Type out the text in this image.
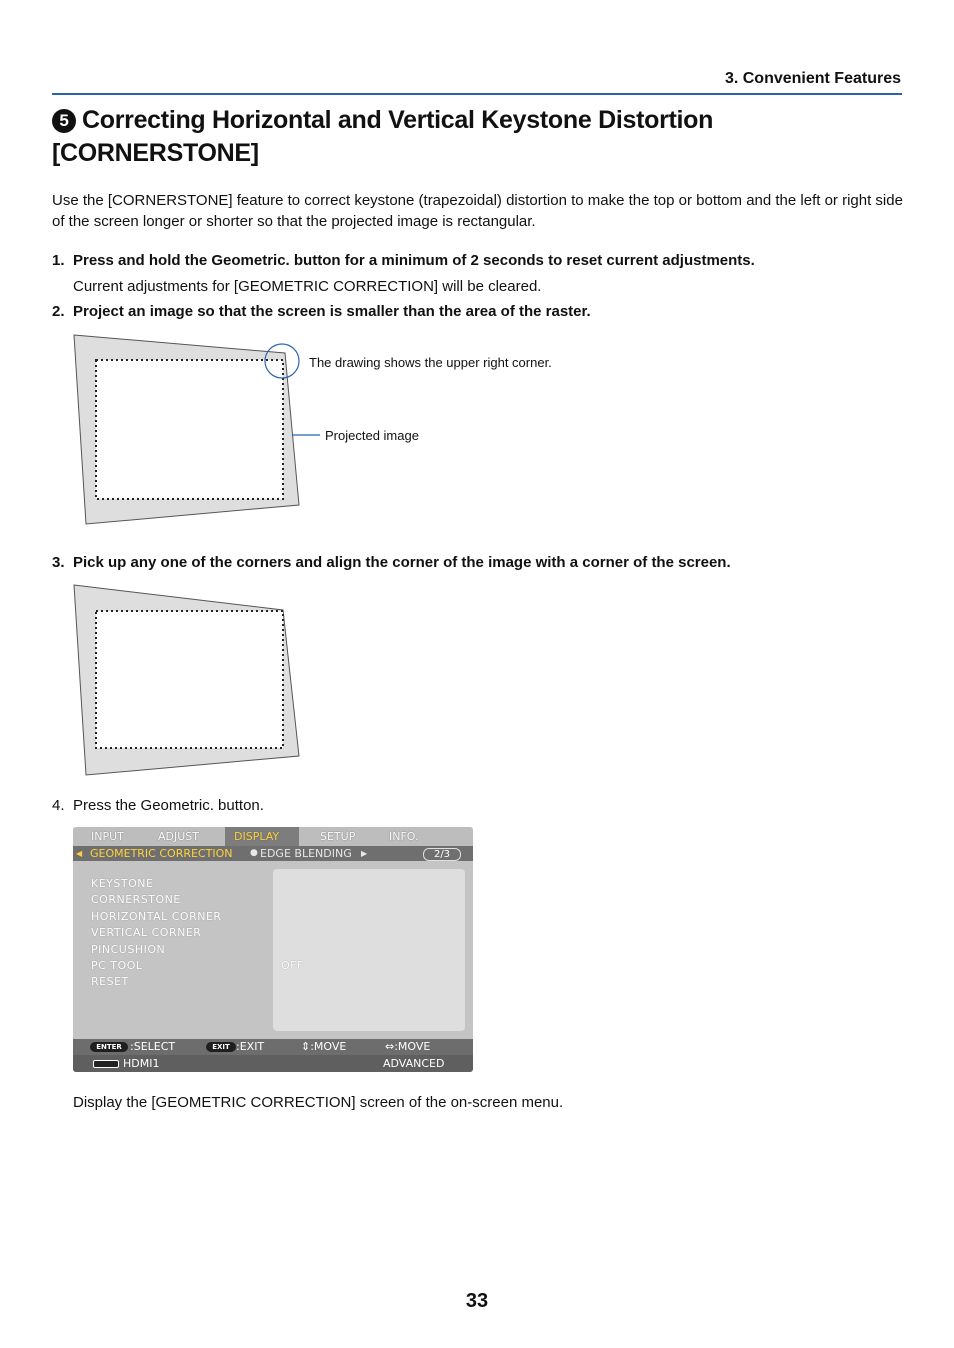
3. Convenient Features
5 Correcting Horizontal and Vertical Keystone Distortion [CORNERSTONE]
Use the [CORNERSTONE] feature to correct keystone (trapezoidal) distortion to make the top or bottom and the left or right side of the screen longer or shorter so that the projected image is rectangular.
1. Press and hold the Geometric. button for a minimum of 2 seconds to reset current adjustments.
Current adjustments for [GEOMETRIC CORRECTION] will be cleared.
2. Project an image so that the screen is smaller than the area of the raster.
The drawing shows the upper right corner.
Projected image
3. Pick up any one of the corners and align the corner of the image with a corner of the screen.
4. Press the Geometric. button.
INPUT	ADJUST	DISPLAY	SETUP	INFO.
◀ GEOMETRIC CORRECTION ● EDGE BLENDING ▶	2/3
KEYSTONE
CORNERSTONE
HORIZONTAL CORNER
VERTICAL CORNER
PINCUSHION
PC TOOL
RESET
OFF
ENTER :SELECT	EXIT :EXIT	⇕:MOVE	⇔:MOVE
HDMI1	ADVANCED
Display the [GEOMETRIC CORRECTION] screen of the on-screen menu.
33
